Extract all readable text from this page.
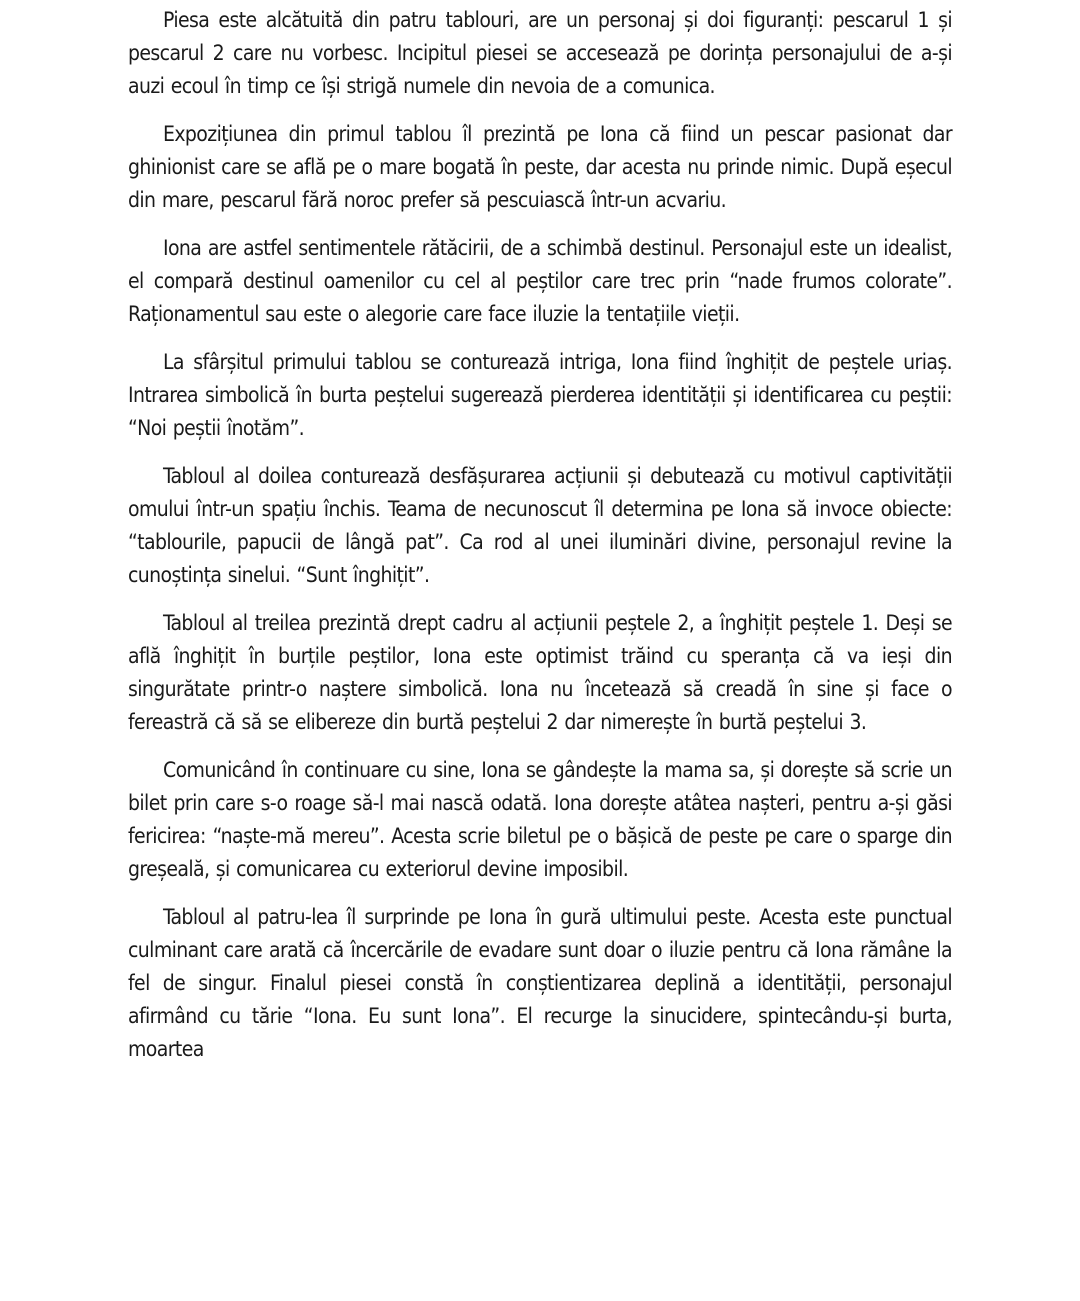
Piesa este alcătuită din patru tablouri, are un personaj și doi figuranți: pescarul 1 și pescarul 2 care nu vorbesc. Incipitul piesei se accesează pe dorința personajului de a-și auzi ecoul în timp ce își strigă numele din nevoia de a comunica.

Expozițiunea din primul tablou îl prezintă pe Iona că fiind un pescar pasionat dar ghinionist care se află pe o mare bogată în peste, dar acesta nu prinde nimic. După eșecul din mare, pescarul fără noroc prefer să pescuiască într-un acvariu.

Iona are astfel sentimentele rătăcirii, de a schimbă destinul. Personajul este un idealist, el compară destinul oamenilor cu cel al peștilor care trec prin “nade frumos colorate”. Raționamentul sau este o alegorie care face iluzie la tentațiile vieții.

La sfârșitul primului tablou se conturează intriga, Iona fiind înghițit de peștele uriaș. Intrarea simbolică în burta peștelui sugerează pierderea identității și identificarea cu peștii: “Noi peștii înotăm”.

Tabloul al doilea conturează desfășurarea acțiunii și debutează cu motivul captivității omului într-un spațiu închis. Teama de necunoscut îl determina pe Iona să invoce obiecte: “tablourile, papucii de lângă pat”. Ca rod al unei iluminări divine, personajul revine la cunoștința sinelui. “Sunt înghițit”.

Tabloul al treilea prezintă drept cadru al acțiunii peștele 2, a înghițit peștele 1. Deși se află înghițit în burțile peștilor, Iona este optimist trăind cu speranța că va ieși din singurătate printr-o naștere simbolică. Iona nu încetează să creadă în sine și face o fereastră că să se elibereze din burtă peștelui 2 dar nimerește în burtă peștelui 3.

Comunicând în continuare cu sine, Iona se gândește la mama sa, și dorește să scrie un bilet prin care s-o roage să-l mai nască odată. Iona dorește atâtea nașteri, pentru a-și găsi fericirea: “naște-mă mereu”. Acesta scrie biletul pe o bășică de peste pe care o sparge din greșeală, și comunicarea cu exteriorul devine imposibil.

Tabloul al patru-lea îl surprinde pe Iona în gură ultimului peste. Acesta este punctual culminant care arată că încercările de evadare sunt doar o iluzie pentru că Iona rămâne la fel de singur. Finalul piesei constă în conștientizarea deplină a identității, personajul afirmând cu tărie “Iona. Eu sunt Iona”. El recurge la sinucidere, spintecându-și burta, moartea
